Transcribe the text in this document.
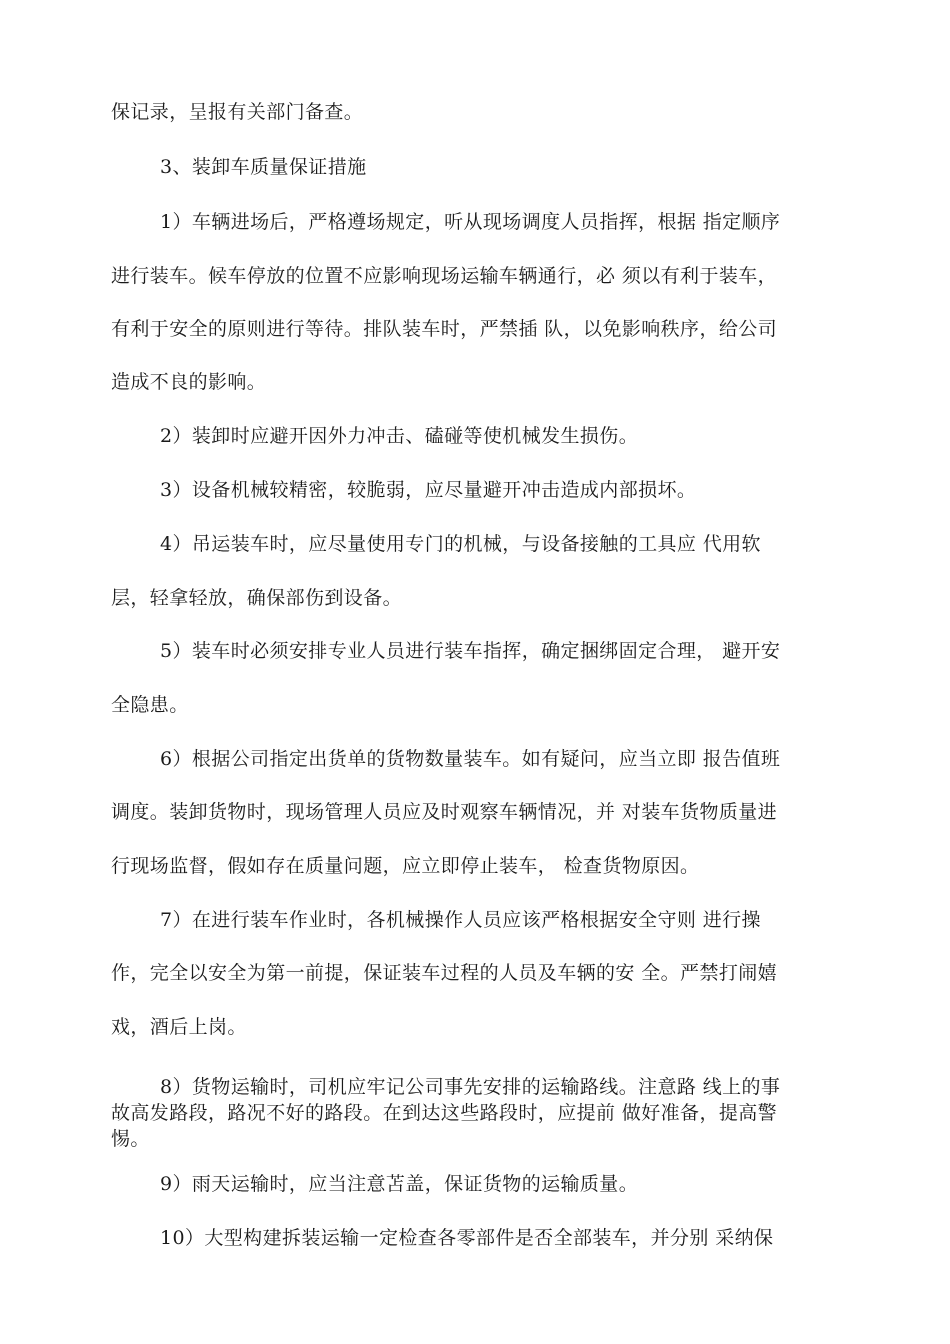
保记录，呈报有关部门备查。
3、装卸车质量保证措施
1）车辆进场后，严格遵场规定，听从现场调度人员指挥，根据 指定顺序
进行装车。候车停放的位置不应影响现场运输车辆通行，必 须以有利于装车，
有利于安全的原则进行等待。排队装车时，严禁插 队，以免影响秩序，给公司
造成不良的影响。
2）装卸时应避开因外力冲击、磕碰等使机械发生损伤。
3）设备机械较精密，较脆弱，应尽量避开冲击造成内部损坏。
4）吊运装车时，应尽量使用专门的机械，与设备接触的工具应 代用软
层，轻拿轻放，确保部伤到设备。
5）装车时必须安排专业人员进行装车指挥，确定捆绑固定合理， 避开安
全隐患。
6）根据公司指定出货单的货物数量装车。如有疑问，应当立即 报告值班
调度。装卸货物时，现场管理人员应及时观察车辆情况，并 对装车货物质量进
行现场监督，假如存在质量问题，应立即停止装车， 检查货物原因。
7）在进行装车作业时，各机械操作人员应该严格根据安全守则 进行操
作，完全以安全为第一前提，保证装车过程的人员及车辆的安 全。严禁打闹嬉
戏，酒后上岗。
8）货物运输时，司机应牢记公司事先安排的运输路线。注意路 线上的事
故高发路段，路况不好的路段。在到达这些路段时，应提前 做好准备，提高警
惕。
9）雨天运输时，应当注意苫盖，保证货物的运输质量。
10）大型构建拆装运输一定检查各零部件是否全部装车，并分别 采纳保
